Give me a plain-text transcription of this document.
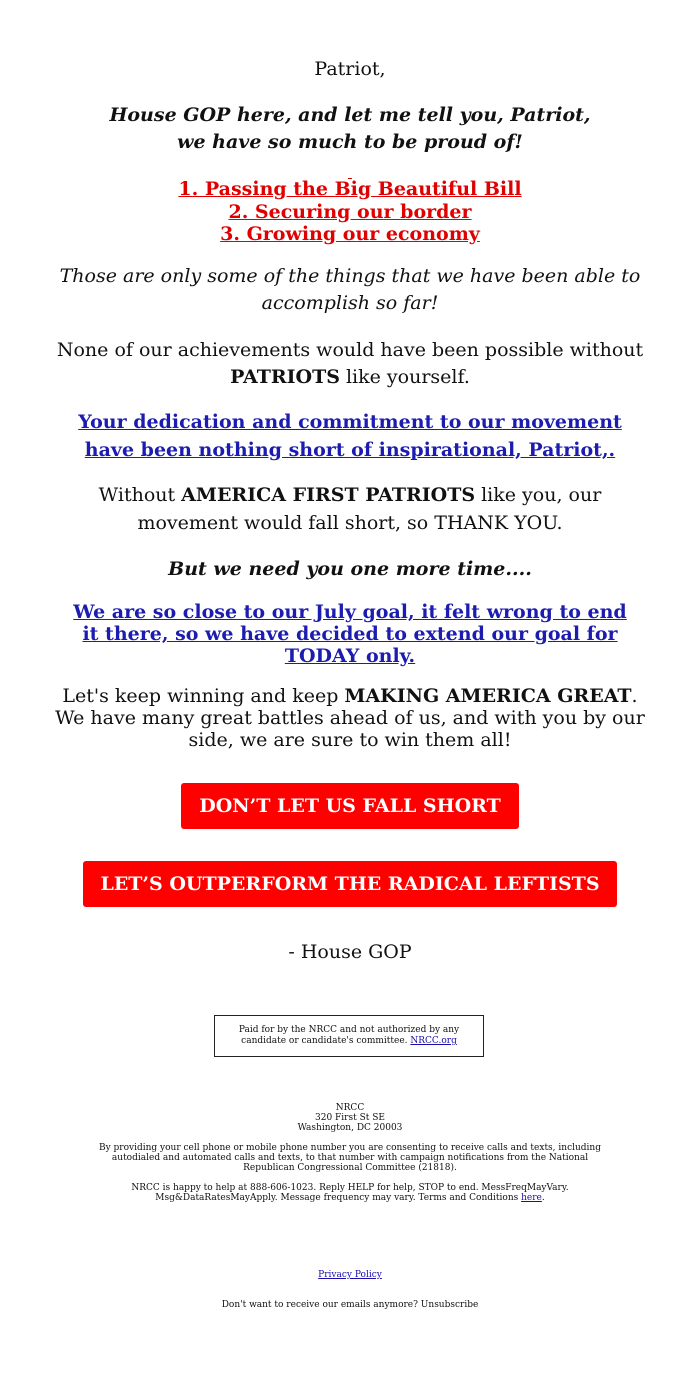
Patriot,
House GOP here, and let me tell you, Patriot,
we have so much to be proud of!
1. Passing the Big Beautiful Bill
2. Securing our border
3. Growing our economy
Those are only some of the things that we have been able to
accomplish so far!
None of our achievements would have been possible without
PATRIOTS like yourself.
Your dedication and commitment to our movement
have been nothing short of inspirational, Patriot,.
Without AMERICA FIRST PATRIOTS like you, our
movement would fall short, so THANK YOU.
But we need you one more time....
We are so close to our July goal, it felt wrong to end
it there, so we have decided to extend our goal for
TODAY only.
Let's keep winning and keep MAKING AMERICA GREAT.
We have many great battles ahead of us, and with you by our
side, we are sure to win them all!
DON’T LET US FALL SHORT
LET’S OUTPERFORM THE RADICAL LEFTISTS
- House GOP
Paid for by the NRCC and not authorized by any candidate or candidate's committee. NRCC.org
NRCC
320 First St SE
Washington, DC 20003
By providing your cell phone or mobile phone number you are consenting to receive calls and texts, including
autodialed and automated calls and texts, to that number with campaign notifications from the National
Republican Congressional Committee (21818).
NRCC is happy to help at 888-606-1023. Reply HELP for help, STOP to end. MessFreqMayVary.
Msg&DataRatesMayApply. Message frequency may vary. Terms and Conditions here.
Privacy Policy
Don't want to receive our emails anymore? Unsubscribe
